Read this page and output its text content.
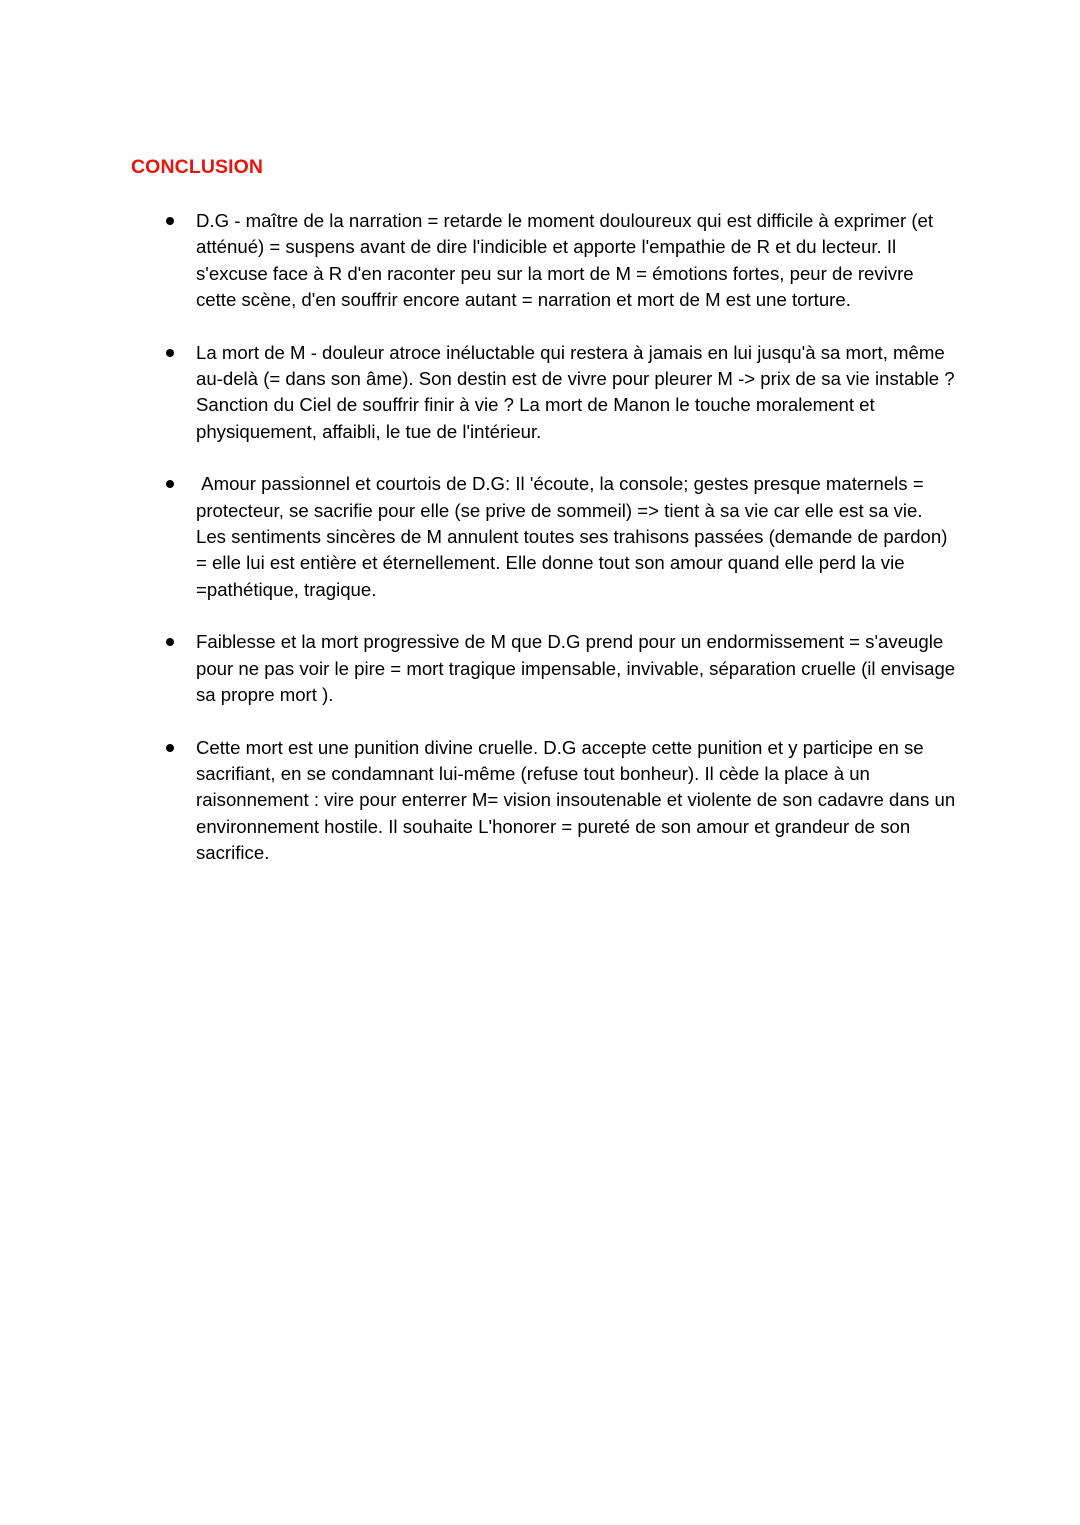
CONCLUSION
D.G - maître de la narration = retarde le moment douloureux qui est difficile à exprimer (et atténué) = suspens avant de dire l'indicible et apporte l'empathie de R et du lecteur. Il s'excuse face à R d'en raconter peu sur la mort de M = émotions fortes, peur de revivre cette scène, d'en souffrir encore autant = narration et mort de M est une torture.
La mort de M - douleur atroce inéluctable qui restera à jamais en lui jusqu'à sa mort, même au-delà (= dans son âme). Son destin est de vivre pour pleurer M -> prix de sa vie instable ? Sanction du Ciel de souffrir finir à vie ? La mort de Manon le touche moralement et physiquement, affaibli, le tue de l'intérieur.
Amour passionnel et courtois de D.G: Il 'écoute, la console; gestes presque maternels = protecteur, se sacrifie pour elle (se prive de sommeil) => tient à sa vie car elle est sa vie. Les sentiments sincères de M annulent toutes ses trahisons passées (demande de pardon) = elle lui est entière et éternellement. Elle donne tout son amour quand elle perd la vie =pathétique, tragique.
Faiblesse et la mort progressive de M que D.G prend pour un endormissement = s'aveugle pour ne pas voir le pire = mort tragique impensable, invivable, séparation cruelle (il envisage sa propre mort ).
Cette mort est une punition divine cruelle. D.G accepte cette punition et y participe en se sacrifiant, en se condamnant lui-même (refuse tout bonheur). Il cède la place à un raisonnement : vire pour enterrer M= vision insoutenable et violente de son cadavre dans un environnement hostile. Il souhaite L'honorer = pureté de son amour et grandeur de son sacrifice.
